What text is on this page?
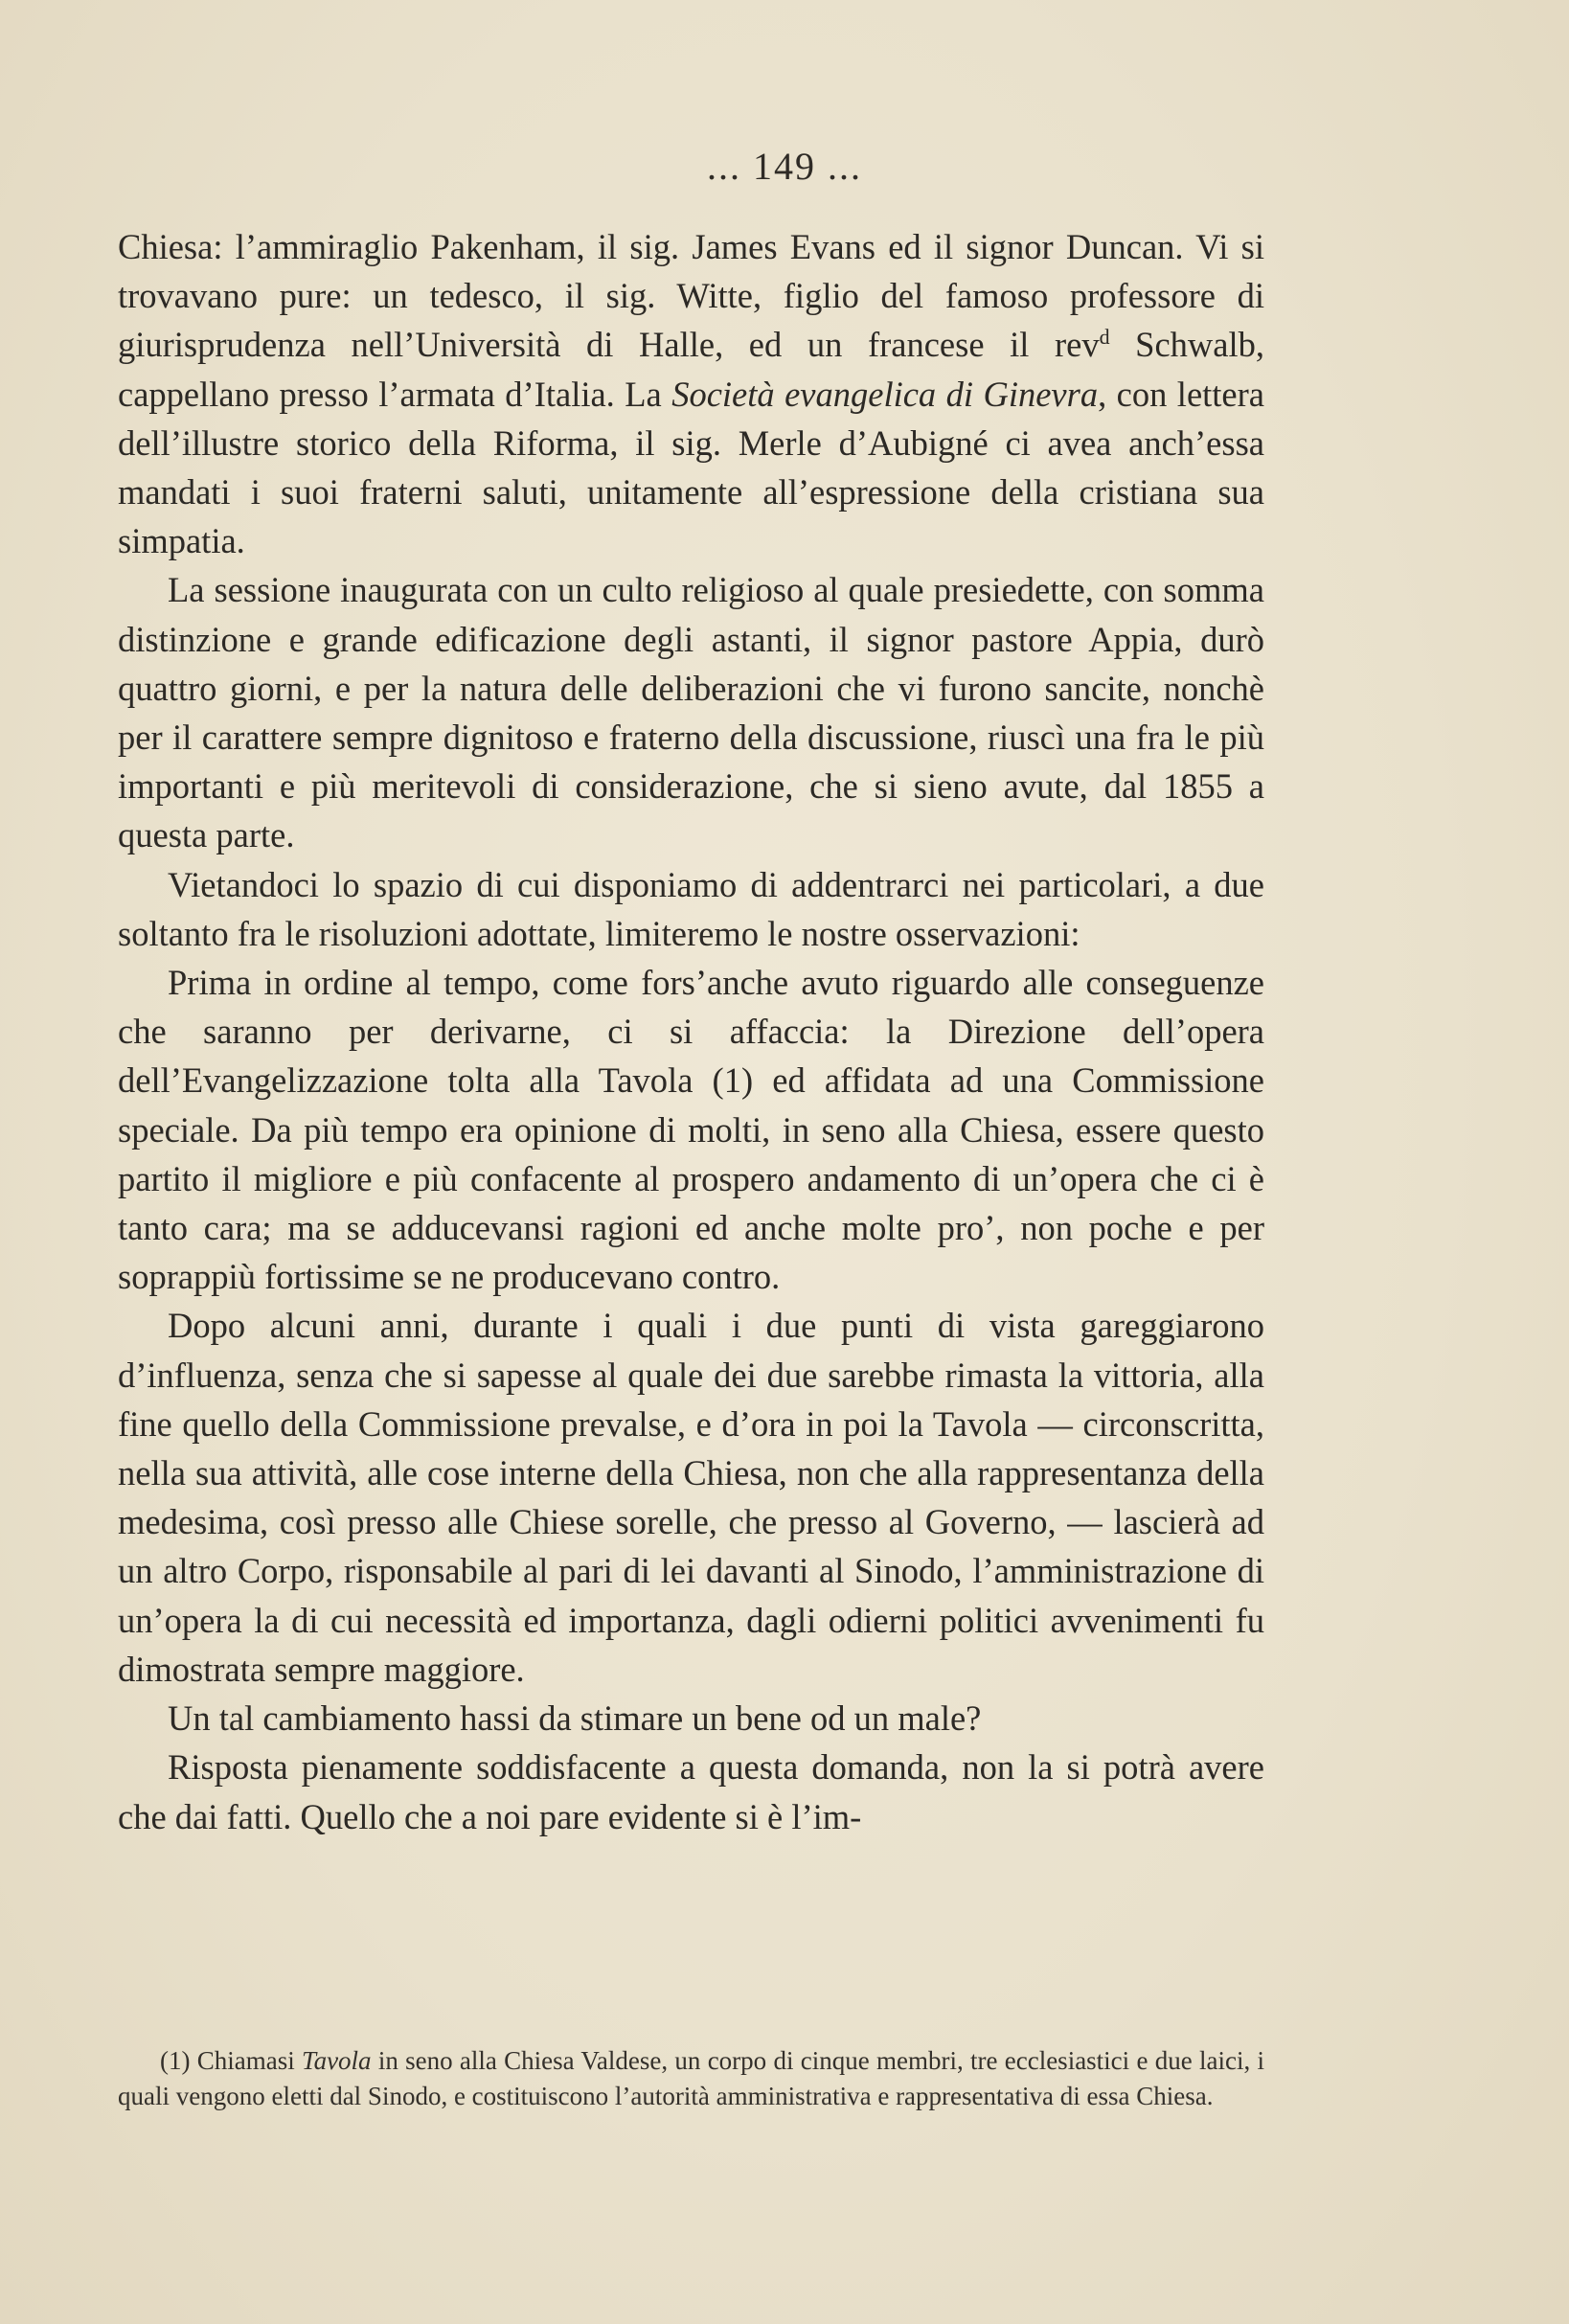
... 149 ...

Chiesa: l’ammiraglio Pakenham, il sig. James Evans ed il signor Duncan. Vi si trovavano pure: un tedesco, il sig. Witte, figlio del famoso professore di giurisprudenza nell’Università di Halle, ed un francese il rev$^d$ Schwalb, cappellano presso l’armata d’Italia. La Società evangelica di Ginevra, con lettera dell’illustre storico della Riforma, il sig. Merle d’Aubigné ci avea anch’essa mandati i suoi fraterni saluti, unitamente all’espressione della cristiana sua simpatia.

La sessione inaugurata con un culto religioso al quale presiedette, con somma distinzione e grande edificazione degli astanti, il signor pastore Appia, durò quattro giorni, e per la natura delle deliberazioni che vi furono sancite, nonchè per il carattere sempre dignitoso e fraterno della discussione, riuscì una fra le più importanti e più meritevoli di considerazione, che si sieno avute, dal 1855 a questa parte.

Vietandoci lo spazio di cui disponiamo di addentrarci nei particolari, a due soltanto fra le risoluzioni adottate, limiteremo le nostre osservazioni:

Prima in ordine al tempo, come fors’anche avuto riguardo alle conseguenze che saranno per derivarne, ci si affaccia: la Direzione dell’opera dell’Evangelizzazione tolta alla Tavola (1) ed affidata ad una Commissione speciale. Da più tempo era opinione di molti, in seno alla Chiesa, essere questo partito il migliore e più confacente al prospero andamento di un’opera che ci è tanto cara; ma se adducevansi ragioni ed anche molte pro’, non poche e per soprappiù fortissime se ne producevano contro.

Dopo alcuni anni, durante i quali i due punti di vista gareggiarono d’influenza, senza che si sapesse al quale dei due sarebbe rimasta la vittoria, alla fine quello della Commissione prevalse, e d’ora in poi la Tavola — circonscritta, nella sua attività, alle cose interne della Chiesa, non che alla rappresentanza della medesima, così presso alle Chiese sorelle, che presso al Governo, — lascierà ad un altro Corpo, risponsabile al pari di lei davanti al Sinodo, l’amministrazione di un’opera la di cui necessità ed importanza, dagli odierni politici avvenimenti fu dimostrata sempre maggiore.

Un tal cambiamento hassi da stimare un bene od un male?

Risposta pienamente soddisfacente a questa domanda, non la si potrà avere che dai fatti. Quello che a noi pare evidente si è l’im-

(1) Chiamasi Tavola in seno alla Chiesa Valdese, un corpo di cinque membri, tre ecclesiastici e due laici, i quali vengono eletti dal Sinodo, e costituiscono l’autorità amministrativa e rappresentativa di essa Chiesa.
